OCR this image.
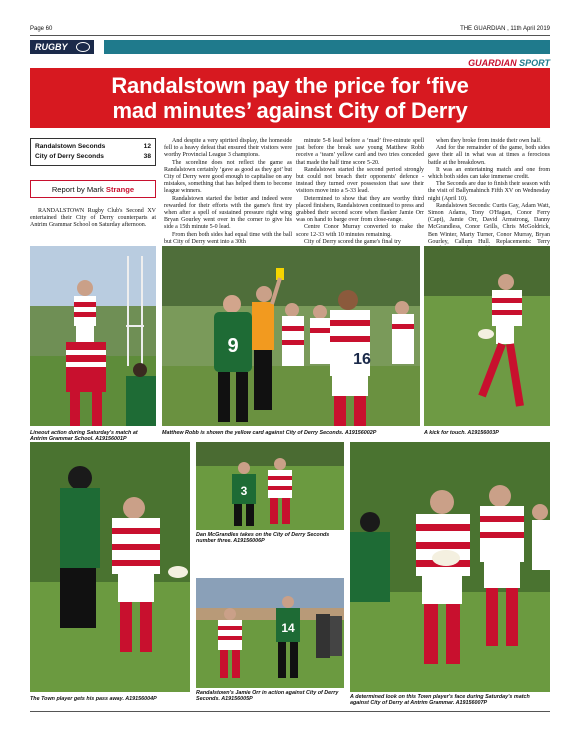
Page 60	THE GUARDIAN , 11th April 2019
RUGBY
GUARDIAN SPORT
Randalstown pay the price for ‘five
mad minutes’ against City of Derry
Randalstown Seconds	12
City of Derry Seconds	38
Report by Mark Strange

RANDALSTOWN Rugby Club's Second XV entertained their City of Derry counterparts at Antrim Grammar School on Saturday afternoon.

And despite a very spirited display, the homeside fell to a heavy defeat that ensured their visitors were worthy Provincial League 3 champions.

The scoreline does not reflect the game as Randalstown certainly ‘gave as good as they got’ but City of Derry were good enough to capitalise on any mistakes, something that has helped them to become league winners.

Randalstown started the better and indeed were rewarded for their efforts with the game's first try when after a spell of sustained pressure right wing Bryan Gourley went over in the corner to give his side a 15th minute 5-0 lead.

From then both sides had equal time with the ball but City of Derry went into a 30th

minute 5-8 lead before a ‘mad’ five-minute spell just before the break saw young Matthew Robb receive a ‘team’ yellow card and two tries conceded that made the half time score 5-20.

Randalstown started the second period strongly but could not breach their opponents' defence - instead they turned over possession that saw their visitors move into a 5-33 lead.

Determined to show that they are worthy third placed finishers, Randalstown continued to press and grabbed their second score when flanker Jamie Orr was on hand to barge over from close-range.

Centre Conor Murray converted to make the score 12-33 with 10 minutes remaining.

City of Derry scored the game's final try

when they broke from inside their own half.

And for the remainder of the game, both sides gave their all in what was at times a ferocious battle at the breakdown.

It was an entertaining match and one from which both sides can take immense credit.

The Seconds are due to finish their season with the visit of Ballymahinch Fifth XV on Wednesday night (April 10).

Randalstown Seconds: Curtis Gay, Adam Watt, Simon Adams, Tony O'Hagan, Conor Ferry (Capt), Jamie Orr, David Armstrong, Danny McGrandless, Conor Grills, Chris McGoldrick, Ben Winter, Marty Turner, Conor Murray, Bryan Gourley, Callum Hull. Replacements: Terry

Lineout action during Saturday's match at Antrim Grammar School. A19156001P
9
16
Matthew Robb is shown the yellow card against City of Derry Seconds. A19156002P	A kick for touch. A19156003P
The Town player gets his pass away. A19156004P
3
Dan McGrandles takes on the City of Derry Seconds number three. A19156006P
14
Randalstown's Jamie Orr in action against City of Derry Seconds. A19156005P	A determined look on this Town player's face during Saturday's match against City of Derry at Antrim Grammar. A19156007P
